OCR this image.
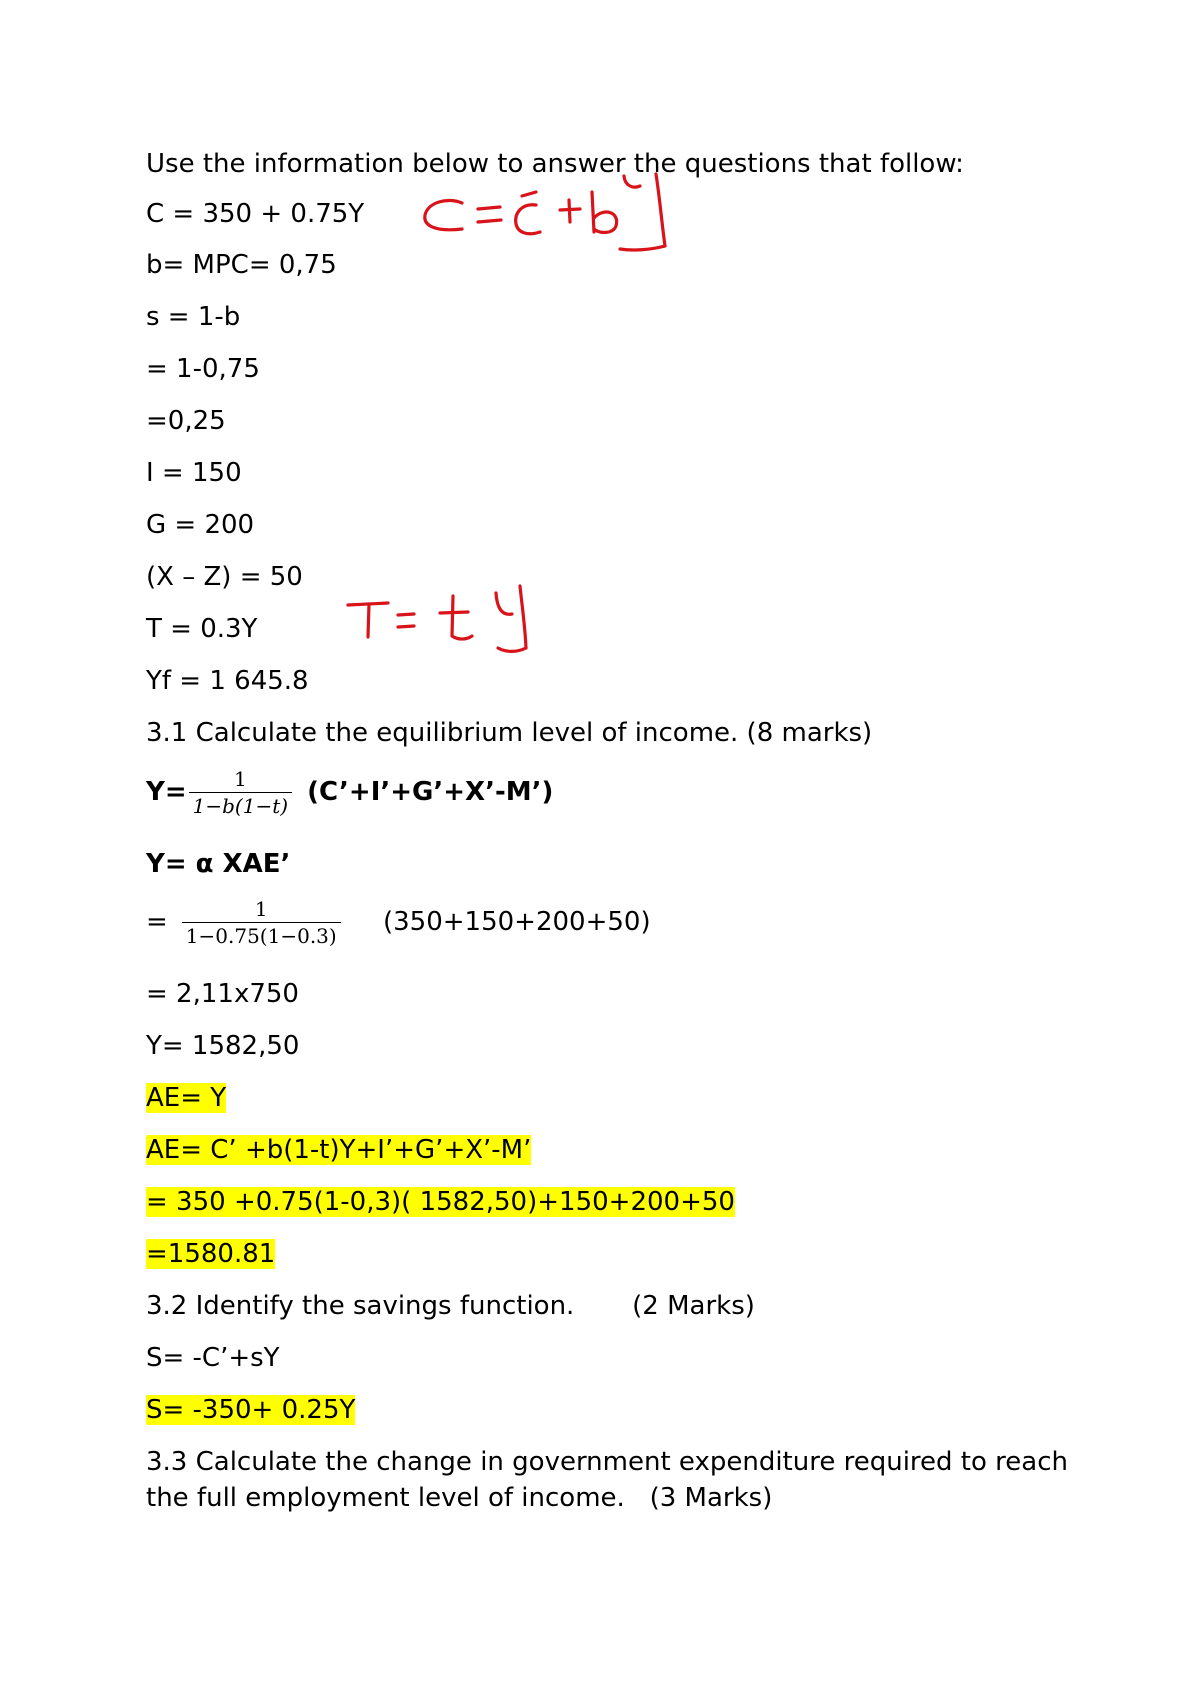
Use the information below to answer the questions that follow:

C = 350 + 0.75Y

b= MPC= 0,75

s = 1-b

= 1-0,75

=0,25

I = 150

G = 200

(X – Z) = 50

T = 0.3Y

Yf = 1 645.8

3.1 Calculate the equilibrium level of income. (8 marks)

$Y= \frac{1}{1-b(1-t)}$ (C’+I’+G’+X’-M’)

Y= α XAE’

= $\frac{1}{1-0.75(1-0.3)} (350+150+200+50)$

= 2,11x750

Y= 1582,50

AE= Y

AE= C’ +b(1-t)Y+I’+G’+X’-M’

= 350 +0.75(1-0,3)( 1582,50)+150+200+50

=1580.81

3.2 Identify the savings function.       (2 Marks)

S= -C’+sY

S= -350+ 0.25Y

3.3 Calculate the change in government expenditure required to reach the full employment level of income.   (3 Marks)
